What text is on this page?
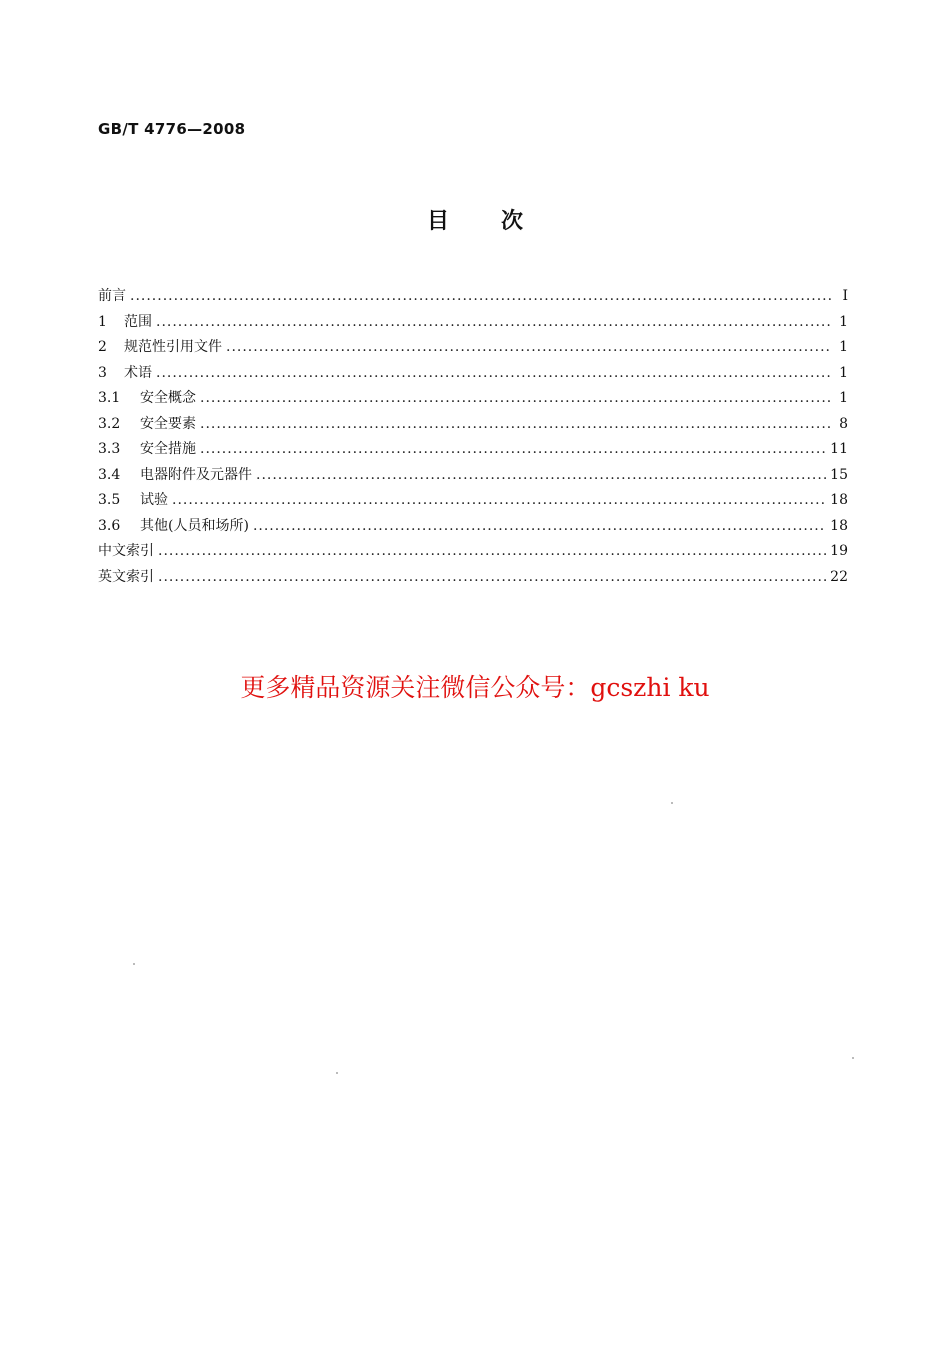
GB/T 4776—2008
目 次
前言 .....	Ⅰ
1 范围 .....	1
2 规范性引用文件 .....	1
3 术语 .....	1
3.1 安全概念 .....	1
3.2 安全要素 .....	8
3.3 安全措施 .....	11
3.4 电器附件及元器件 .....	15
3.5 试验 .....	18
3.6 其他(人员和场所) .....	18
中文索引 .....	19
英文索引 .....	22
更多精品资源关注微信公众号：gcszhi ku
